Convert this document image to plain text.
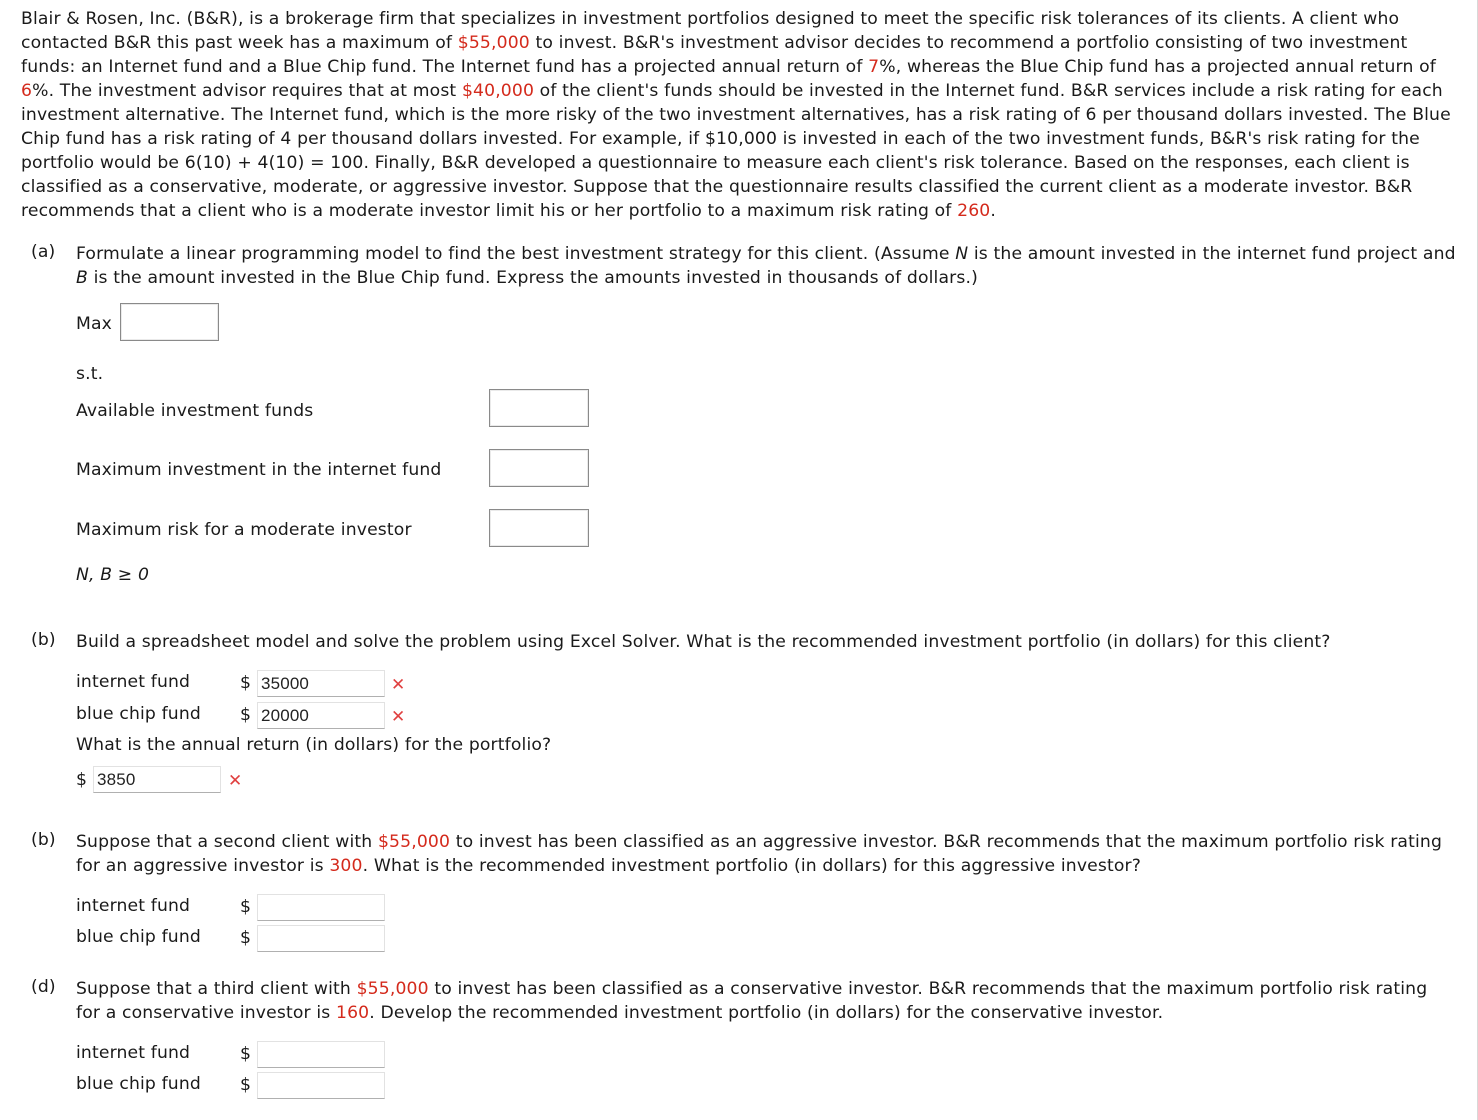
Blair & Rosen, Inc. (B&R), is a brokerage firm that specializes in investment portfolios designed to meet the specific risk tolerances of its clients. A client who contacted B&R this past week has a maximum of $55,000 to invest. B&R's investment advisor decides to recommend a portfolio consisting of two investment funds: an Internet fund and a Blue Chip fund. The Internet fund has a projected annual return of 7%, whereas the Blue Chip fund has a projected annual return of 6%. The investment advisor requires that at most $40,000 of the client's funds should be invested in the Internet fund. B&R services include a risk rating for each investment alternative. The Internet fund, which is the more risky of the two investment alternatives, has a risk rating of 6 per thousand dollars invested. The Blue Chip fund has a risk rating of 4 per thousand dollars invested. For example, if $10,000 is invested in each of the two investment funds, B&R's risk rating for the portfolio would be 6(10) + 4(10) = 100. Finally, B&R developed a questionnaire to measure each client's risk tolerance. Based on the responses, each client is classified as a conservative, moderate, or aggressive investor. Suppose that the questionnaire results classified the current client as a moderate investor. B&R recommends that a client who is a moderate investor limit his or her portfolio to a maximum risk rating of 260.
(a) Formulate a linear programming model to find the best investment strategy for this client. (Assume N is the amount invested in the internet fund project and B is the amount invested in the Blue Chip fund. Express the amounts invested in thousands of dollars.)
Max
s.t.
Available investment funds
Maximum investment in the internet fund
Maximum risk for a moderate investor
N, B ≥ 0
(b) Build a spreadsheet model and solve the problem using Excel Solver. What is the recommended investment portfolio (in dollars) for this client?
internet fund	$ 35000	✕
blue chip fund $ 20000	✕
What is the annual return (in dollars) for the portfolio?
$ 3850	✕
(b) Suppose that a second client with $55,000 to invest has been classified as an aggressive investor. B&R recommends that the maximum portfolio risk rating for an aggressive investor is 300. What is the recommended investment portfolio (in dollars) for this aggressive investor?
internet fund	$
blue chip fund $
(d) Suppose that a third client with $55,000 to invest has been classified as a conservative investor. B&R recommends that the maximum portfolio risk rating for a conservative investor is 160. Develop the recommended investment portfolio (in dollars) for the conservative investor.
internet fund	$
blue chip fund $
